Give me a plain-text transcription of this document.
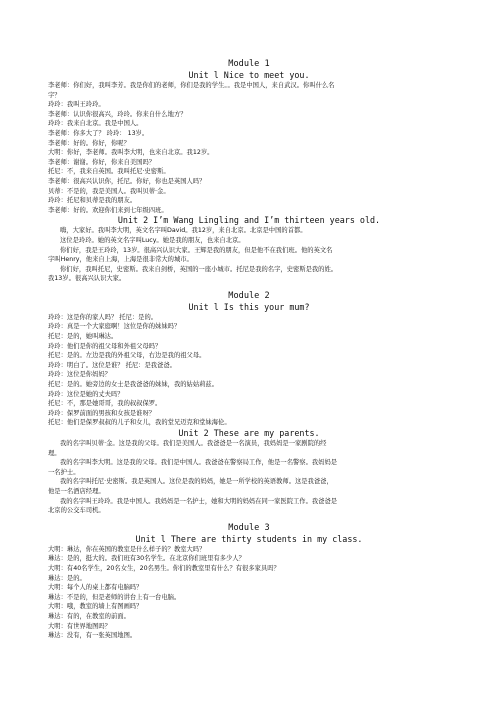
Module 1
Unit l Nice to meet you.
李老师：你们好，我叫李芳。我是你们的老师，你们是我的学生。。我是中国人，来自武汉。你叫什么名
字？
玲玲：我叫王玲玲。
李老师：认识你很高兴，玲玲。你来自什么地方？
玲玲：我来自北京。我是中国人。
李老师：你多大了？ 玲玲： 13岁。
李老师：好的。你好，你呢？
大明：你好，李老师。我叫李大明，也来自北京。我12岁。
李老师：谢谢。你好，你来自美国吗？
托尼：不，我来自英国。我叫托尼·史密斯。
李老师：很高兴认识你，托尼。你好，你也是英国人吗？
贝蒂：不是的，我是美国人。我叫贝蒂·金。
玲玲：托尼和贝蒂是我的朋友。
李老师：好的。欢迎你们来到七年级四班。
Unit 2 I’m Wang Lingling and I’m thirteen years old.
嗨，大家好。我叫李大明，英文名字叫David。我12岁，来自北京。北京是中国的首都。
这位是玲玲。她的英文名字叫Lucy。她是我的朋友，也来自北京。
你们好，我是王玲玲，13岁。很高兴认识大家。王辉是我的朋友，但是他不在我们班。他的英文名
字叫Henry，他来自上海，上海是很非常大的城市。
你们好，我叫托尼，史密斯。我来自剑桥，英国的一座小城市。托尼是我的名字，史密斯是我的姓。
我13岁。很高兴认识大家。
Module 2
Unit l Is this your mum?
玲玲：这是你的家人吗？ 托尼：是的。
玲玲：真是一个大家庭啊！这位是你的妹妹吗？
托尼：是的，她叫琳达。
玲玲：他们是你的祖父母和外祖父母吗？
托尼：是的。左边是我的外祖父母，右边是我的祖父母。
玲玲：明白了。这位是谁？ 托尼：是我爸爸。
玲玲：这位是你妈妈？
托尼：是的。她旁边的女士是我爸爸的妹妹，我的姑姑莉兹。
玲玲：这位是她的丈夫吗？
托尼：不，那是她哥哥，我的叔叔保罗。
玲玲：保罗前面的男孩和女孩是谁呀？
托尼：他们是保罗叔叔的儿子和女儿，我的堂兄迈克和堂妹海伦。
Unit 2 These are my parents.
我的名字叫贝蒂·金。这是我的父母。我们是美国人。我爸爸是一名演员，我妈妈是一家剧院的经
理。
我的名字叫李大明。这是我的父母。我们是中国人。我爸爸在警察局工作，他是一名警察。我妈妈是
一名护士。
我的名字叫托尼·史密斯。我是英国人。这位是我的妈妈，她是一所学校的英语教师。这是我爸爸，
他是一名酒店经理。
我的名字叫王玲玲。我是中国人。我妈妈是一名护士，她和大明的妈妈在同一家医院工作。我爸爸是
北京的公交车司机。
Module 3
Unit l There are thirty students in my class.
大明：琳达，你在英国的教室是什么样子的？教室大吗？
琳达：是的，挺大的。我们班有30名学生。在北京你们班里有多少人？
大明：有40名学生，20名女生，20名男生。你们的教室里有什么？有很多家具吗？
琳达：是的。
大明：每个人的桌上都有电脑吗？
琳达：不是的，但是老师的讲台上有一台电脑。
大明：哦，教室的墙上有图画吗？
琳达：有的，在教室的前面。
大明：有世界地图吗？
琳达：没有，有一张英国地图。
